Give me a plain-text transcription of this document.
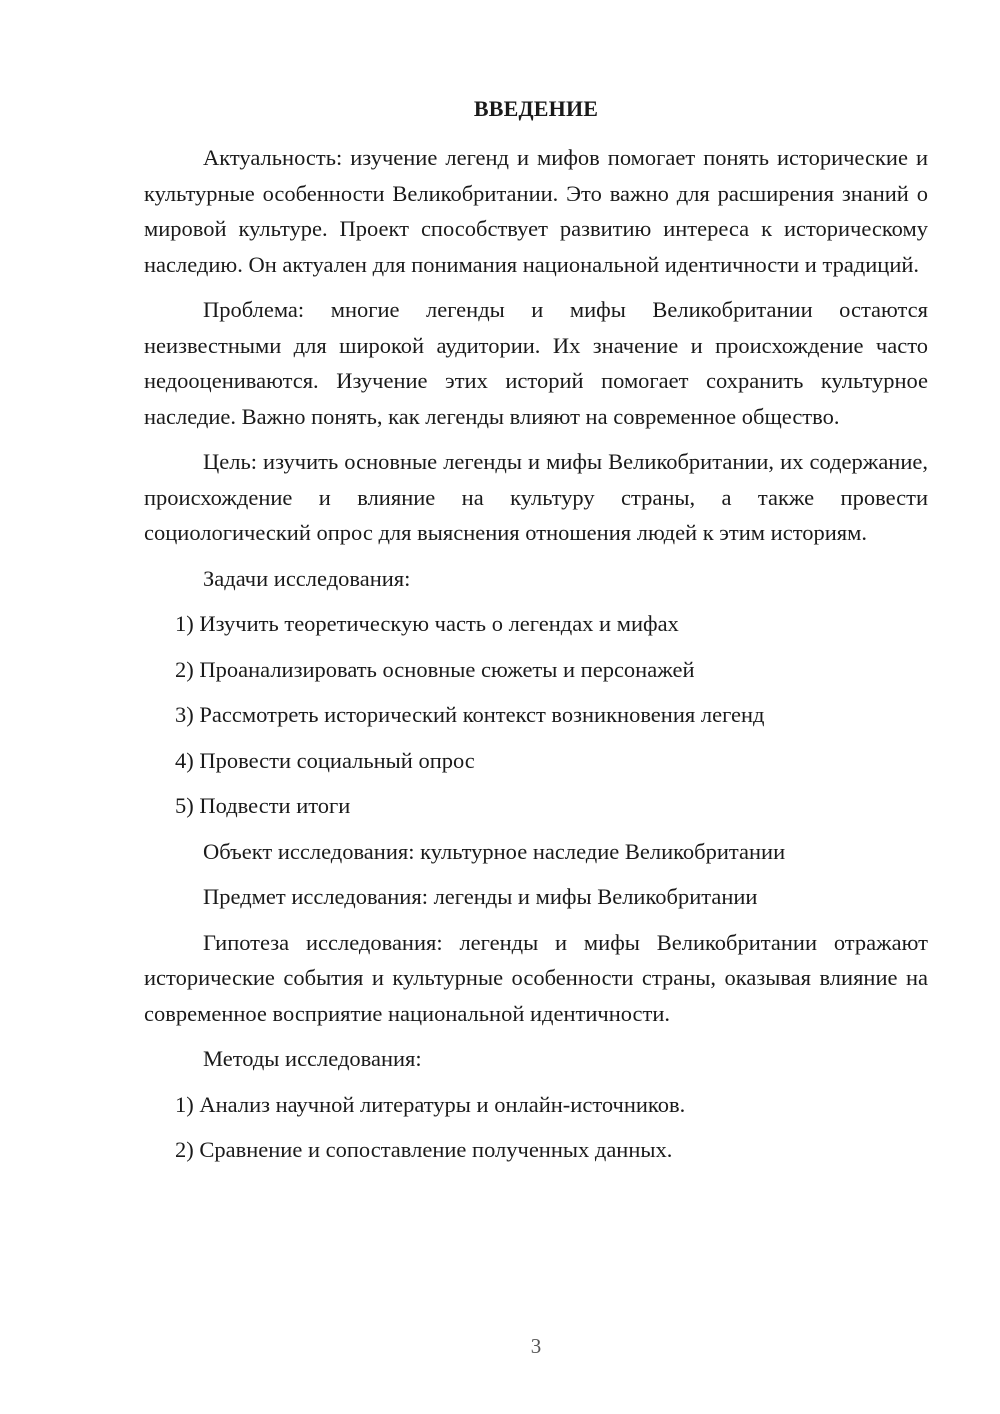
ВВЕДЕНИЕ

Актуальность: изучение легенд и мифов помогает понять исторические и культурные особенности Великобритании. Это важно для расширения знаний о мировой культуре. Проект способствует развитию интереса к историческому наследию. Он актуален для понимания национальной идентичности и традиций.

Проблема: многие легенды и мифы Великобритании остаются неизвестными для широкой аудитории. Их значение и происхождение часто недооцениваются. Изучение этих историй помогает сохранить культурное наследие. Важно понять, как легенды влияют на современное общество.

Цель: изучить основные легенды и мифы Великобритании, их содержание, происхождение и влияние на культуру страны, а также провести социологический опрос для выяснения отношения людей к этим историям.

Задачи исследования:
1) Изучить теоретическую часть о легендах и мифах
2) Проанализировать основные сюжеты и персонажей
3) Рассмотреть исторический контекст возникновения легенд
4) Провести социальный опрос
5) Подвести итоги
Объект исследования: культурное наследие Великобритании
Предмет исследования: легенды и мифы Великобритании

Гипотеза исследования: легенды и мифы Великобритании отражают исторические события и культурные особенности страны, оказывая влияние на современное восприятие национальной идентичности.

Методы исследования:
1) Анализ научной литературы и онлайн-источников.
2) Сравнение и сопоставление полученных данных.
3
